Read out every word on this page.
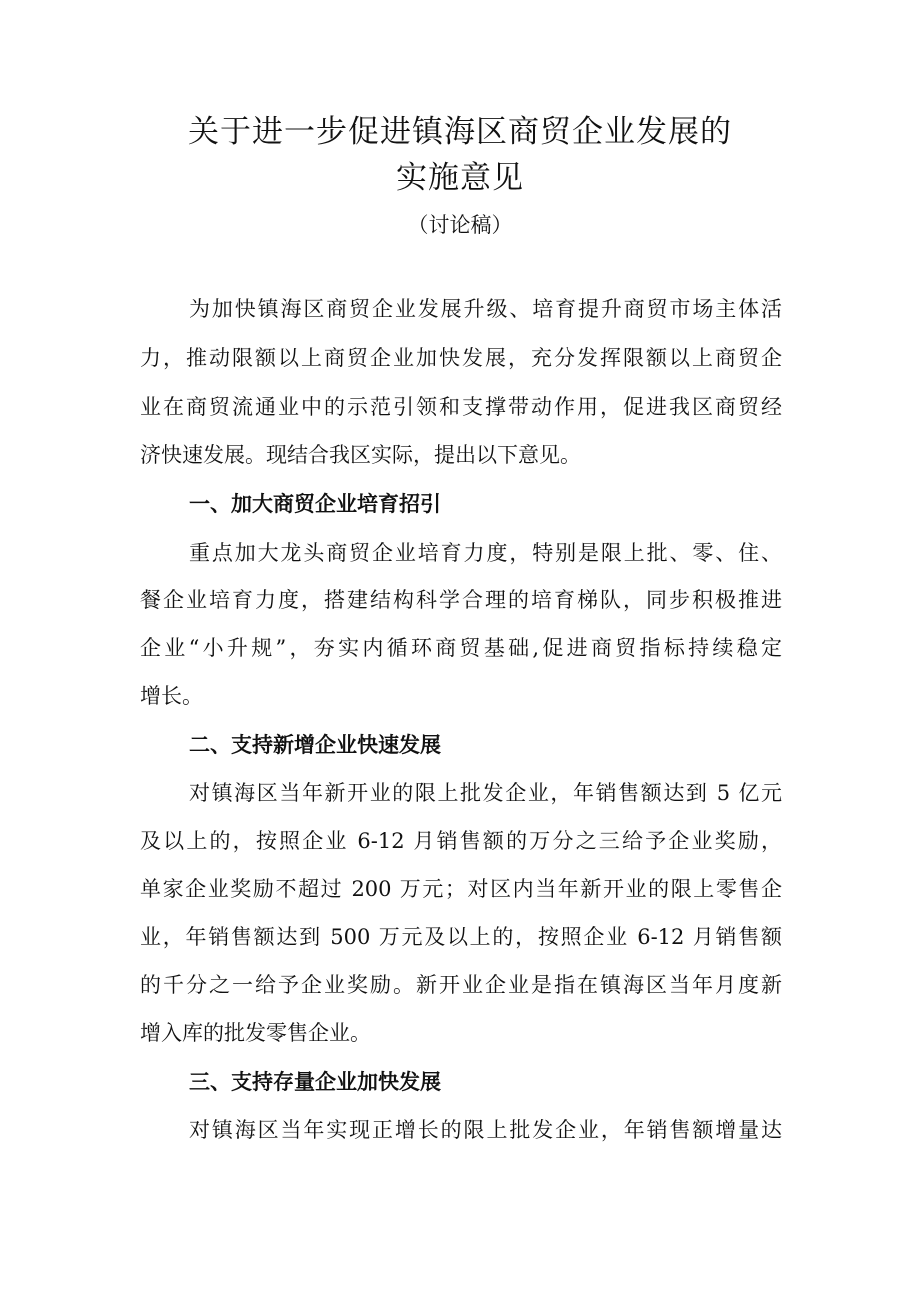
关于进一步促进镇海区商贸企业发展的
实施意见
（讨论稿）
为加快镇海区商贸企业发展升级、培育提升商贸市场主体活
力，推动限额以上商贸企业加快发展，充分发挥限额以上商贸企
业在商贸流通业中的示范引领和支撑带动作用，促进我区商贸经
济快速发展。现结合我区实际，提出以下意见。
一、加大商贸企业培育招引
重点加大龙头商贸企业培育力度，特别是限上批、零、住、
餐企业培育力度，搭建结构科学合理的培育梯队，同步积极推进
企业“小升规”，夯实内循环商贸基础,促进商贸指标持续稳定
增长。
二、支持新增企业快速发展
对镇海区当年新开业的限上批发企业，年销售额达到 5 亿元
及以上的，按照企业 6-12 月销售额的万分之三给予企业奖励，
单家企业奖励不超过 200 万元；对区内当年新开业的限上零售企
业，年销售额达到 500 万元及以上的，按照企业 6-12 月销售额
的千分之一给予企业奖励。新开业企业是指在镇海区当年月度新
增入库的批发零售企业。
三、支持存量企业加快发展
对镇海区当年实现正增长的限上批发企业，年销售额增量达
